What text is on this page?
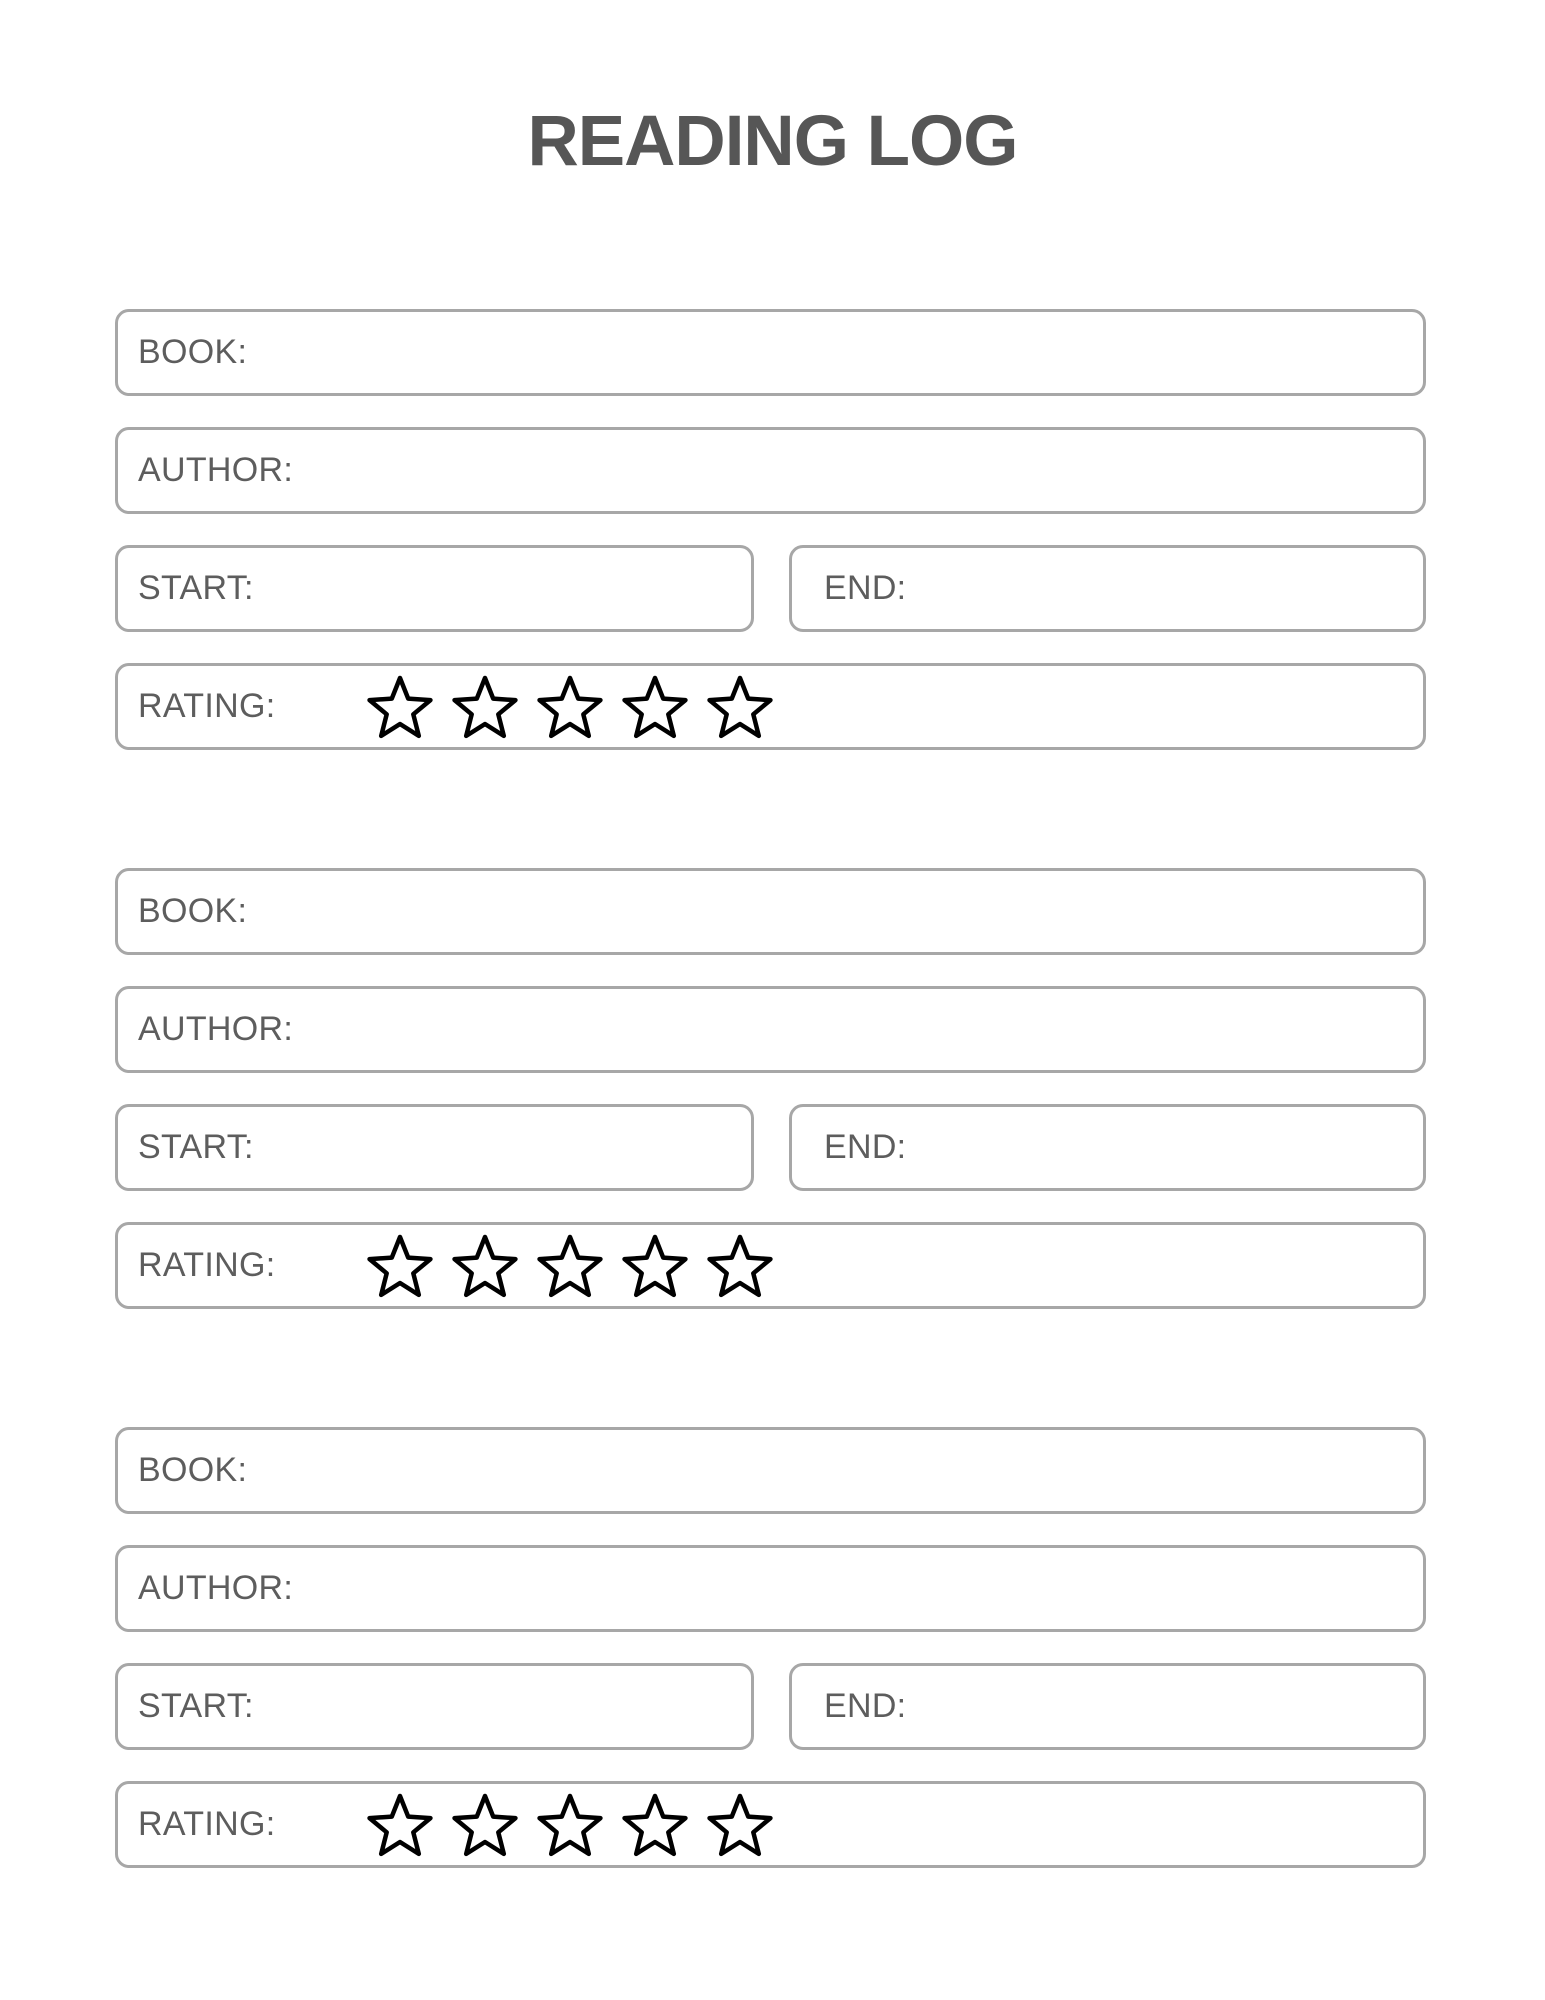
READING LOG
BOOK:
AUTHOR:
START:	END:
RATING:
BOOK:
AUTHOR:
START:	END:
RATING:
BOOK:
AUTHOR:
START:	END:
RATING:
